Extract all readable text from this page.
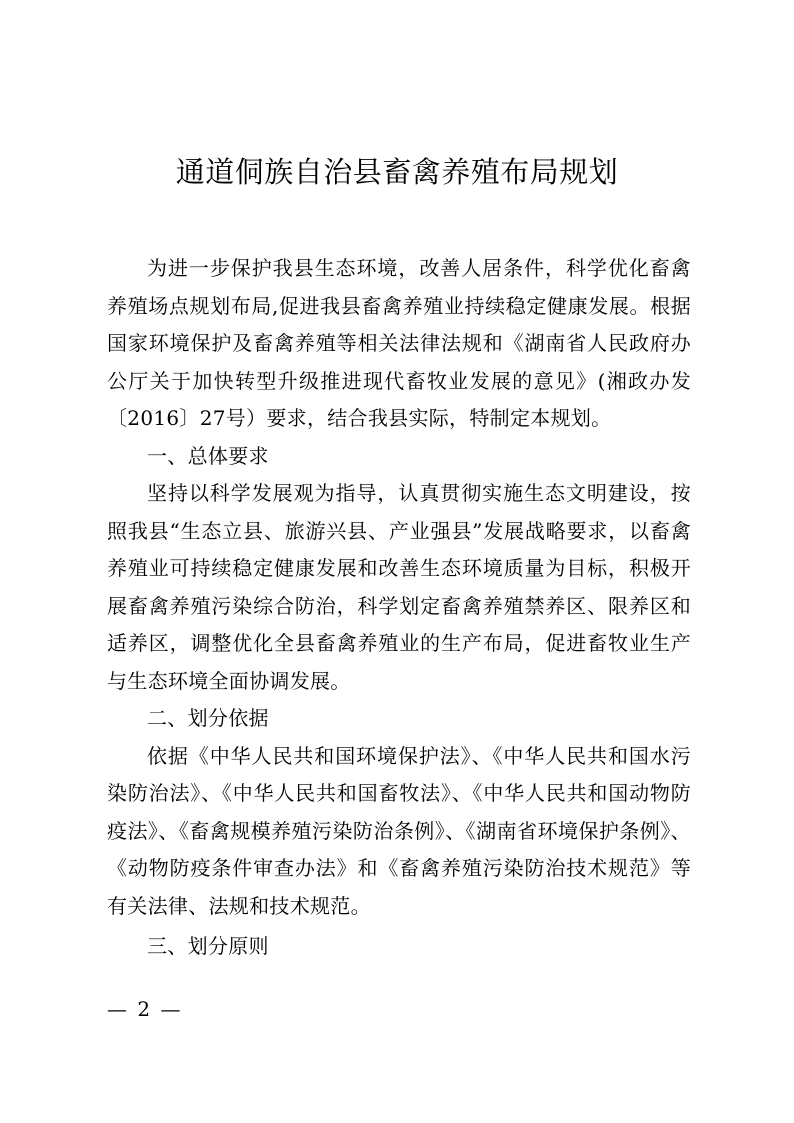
通道侗族自治县畜禽养殖布局规划

为进一步保护我县生态环境，改善人居条件，科学优化畜禽养殖场点规划布局,促进我县畜禽养殖业持续稳定健康发展。根据国家环境保护及畜禽养殖等相关法律法规和《湖南省人民政府办公厅关于加快转型升级推进现代畜牧业发展的意见》(湘政办发〔2016〕27号）要求，结合我县实际，特制定本规划。

一、总体要求

坚持以科学发展观为指导，认真贯彻实施生态文明建设，按照我县“生态立县、旅游兴县、产业强县”发展战略要求，以畜禽养殖业可持续稳定健康发展和改善生态环境质量为目标，积极开展畜禽养殖污染综合防治，科学划定畜禽养殖禁养区、限养区和适养区，调整优化全县畜禽养殖业的生产布局，促进畜牧业生产与生态环境全面协调发展。

二、划分依据

依据《中华人民共和国环境保护法》、《中华人民共和国水污染防治法》、《中华人民共和国畜牧法》、《中华人民共和国动物防疫法》、《畜禽规模养殖污染防治条例》、《湖南省环境保护条例》、《动物防疫条件审查办法》和《畜禽养殖污染防治技术规范》等有关法律、法规和技术规范。

三、划分原则

— 2 —
